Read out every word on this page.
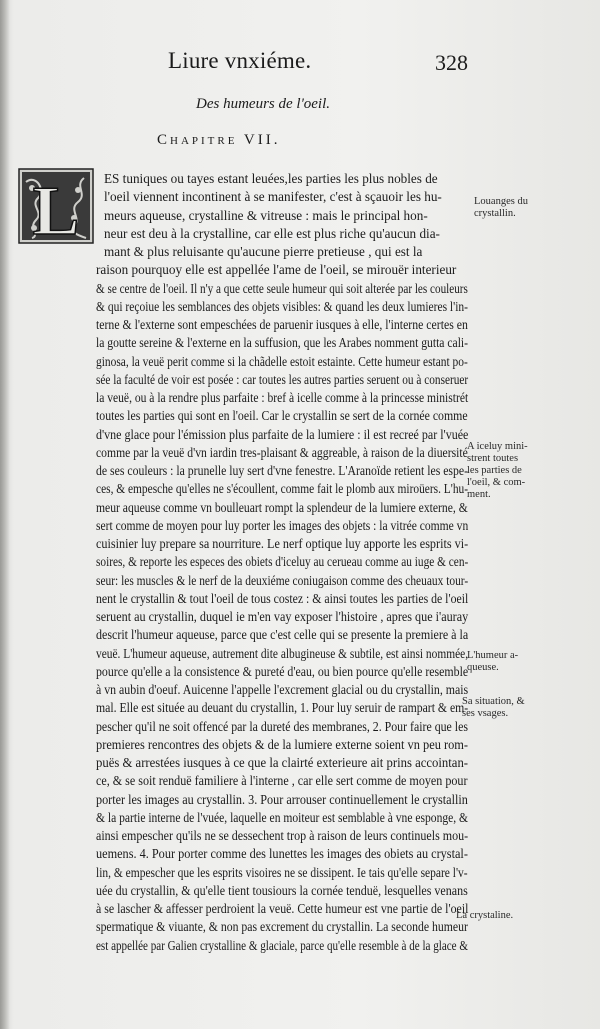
Liure vnxiéme.	328
Des humeurs de l'oeil.
Chapitre VII.
L ES tuniques ou tayes estant leuées,les parties les plus nobles de
l'oeil viennent incontinent à se manifester, c'est à sçauoir les hu-
meurs aqueuse, crystalline & vitreuse : mais le principal hon-
neur est deu à la crystalline, car elle est plus riche qu'aucun dia-
mant & plus reluisante qu'aucune pierre pretieuse , qui est la
raison pourquoy elle est appellée l'ame de l'oeil, se mirouër interieur
& se centre de l'oeil. Il n'y a que cette seule humeur qui soit alterée par les couleurs
& qui reçoiue les semblances des objets visibles: & quand les deux lumieres l'in-
terne & l'externe sont empeschées de paruenir iusques à elle, l'interne certes en
la goutte sereine & l'externe en la suffusion, que les Arabes nomment gutta cali-
ginosa, la veuë perit comme si la chãdelle estoit estainte. Cette humeur estant po-
sée la faculté de voir est posée : car toutes les autres parties seruent ou à conseruer
la veuë, ou à la rendre plus parfaite : bref à icelle comme à la princesse ministrét
toutes les parties qui sont en l'oeil. Car le crystallin se sert de la cornée comme
d'vne glace pour l'émission plus parfaite de la lumiere : il est recreé par l'vuée
comme par la veuë d'vn iardin tres-plaisant & aggreable, à raison de la diuersité
de ses couleurs : la prunelle luy sert d'vne fenestre. L'Aranoïde retient les espe-
ces, & empesche qu'elles ne s'écoullent, comme fait le plomb aux miroüers. L'hu-
meur aqueuse comme vn boulleuart rompt la splendeur de la lumiere externe, &
sert comme de moyen pour luy porter les images des objets : la vitrée comme vn
cuisinier luy prepare sa nourriture. Le nerf optique luy apporte les esprits vi-
soires, & reporte les especes des obiets d'iceluy au cerueau comme au iuge & cen-
seur: les muscles & le nerf de la deuxiéme coniugaison comme des cheuaux tour-
nent le crystallin & tout l'oeil de tous costez : & ainsi toutes les parties de l'oeil
seruent au crystallin, duquel ie m'en vay exposer l'histoire , apres que i'auray
descrit l'humeur aqueuse, parce que c'est celle qui se presente la premiere à la
veuë. L'humeur aqueuse, autrement dite albugineuse & subtile, est ainsi nommée,
pource qu'elle a la consistence & pureté d'eau, ou bien pource qu'elle resemble
à vn aubin d'oeuf. Auicenne l'appelle l'excrement glacial ou du crystallin, mais
mal. Elle est située au deuant du crystallin, 1. Pour luy seruir de rampart & em-
pescher qu'il ne soit offencé par la dureté des membranes, 2. Pour faire que les
premieres rencontres des objets & de la lumiere externe soient vn peu rom-
puës & arrestées iusques à ce que la clairté exterieure ait prins accointan-
ce, & se soit renduë familiere à l'interne , car elle sert comme de moyen pour
porter les images au crystallin. 3. Pour arrouser continuellement le crystallin
& la partie interne de l'vuée, laquelle en moiteur est semblable à vne esponge, &
ainsi empescher qu'ils ne se dessechent trop à raison de leurs continuels mou-
uemens. 4. Pour porter comme des lunettes les images des obiets au crystal-
lin, & empescher que les esprits visoires ne se dissipent. Ie tais qu'elle separe l'v-
uée du crystallin, & qu'elle tient tousiours la cornée tenduë, lesquelles venans
à se lascher & affesser perdroient la veuë. Cette humeur est vne partie de l'oeil
spermatique & viuante, & non pas excrement du crystallin. La seconde humeur
est appellée par Galien crystalline & glaciale, parce qu'elle resemble à de la glace &
Louanges du
crystallin.
A iceluy mini-
strent toutes
les parties de
l'oeil, & com-
ment.
L'humeur a-
queuse.
Sa situation, &
ses vsages.
La crystaline.
